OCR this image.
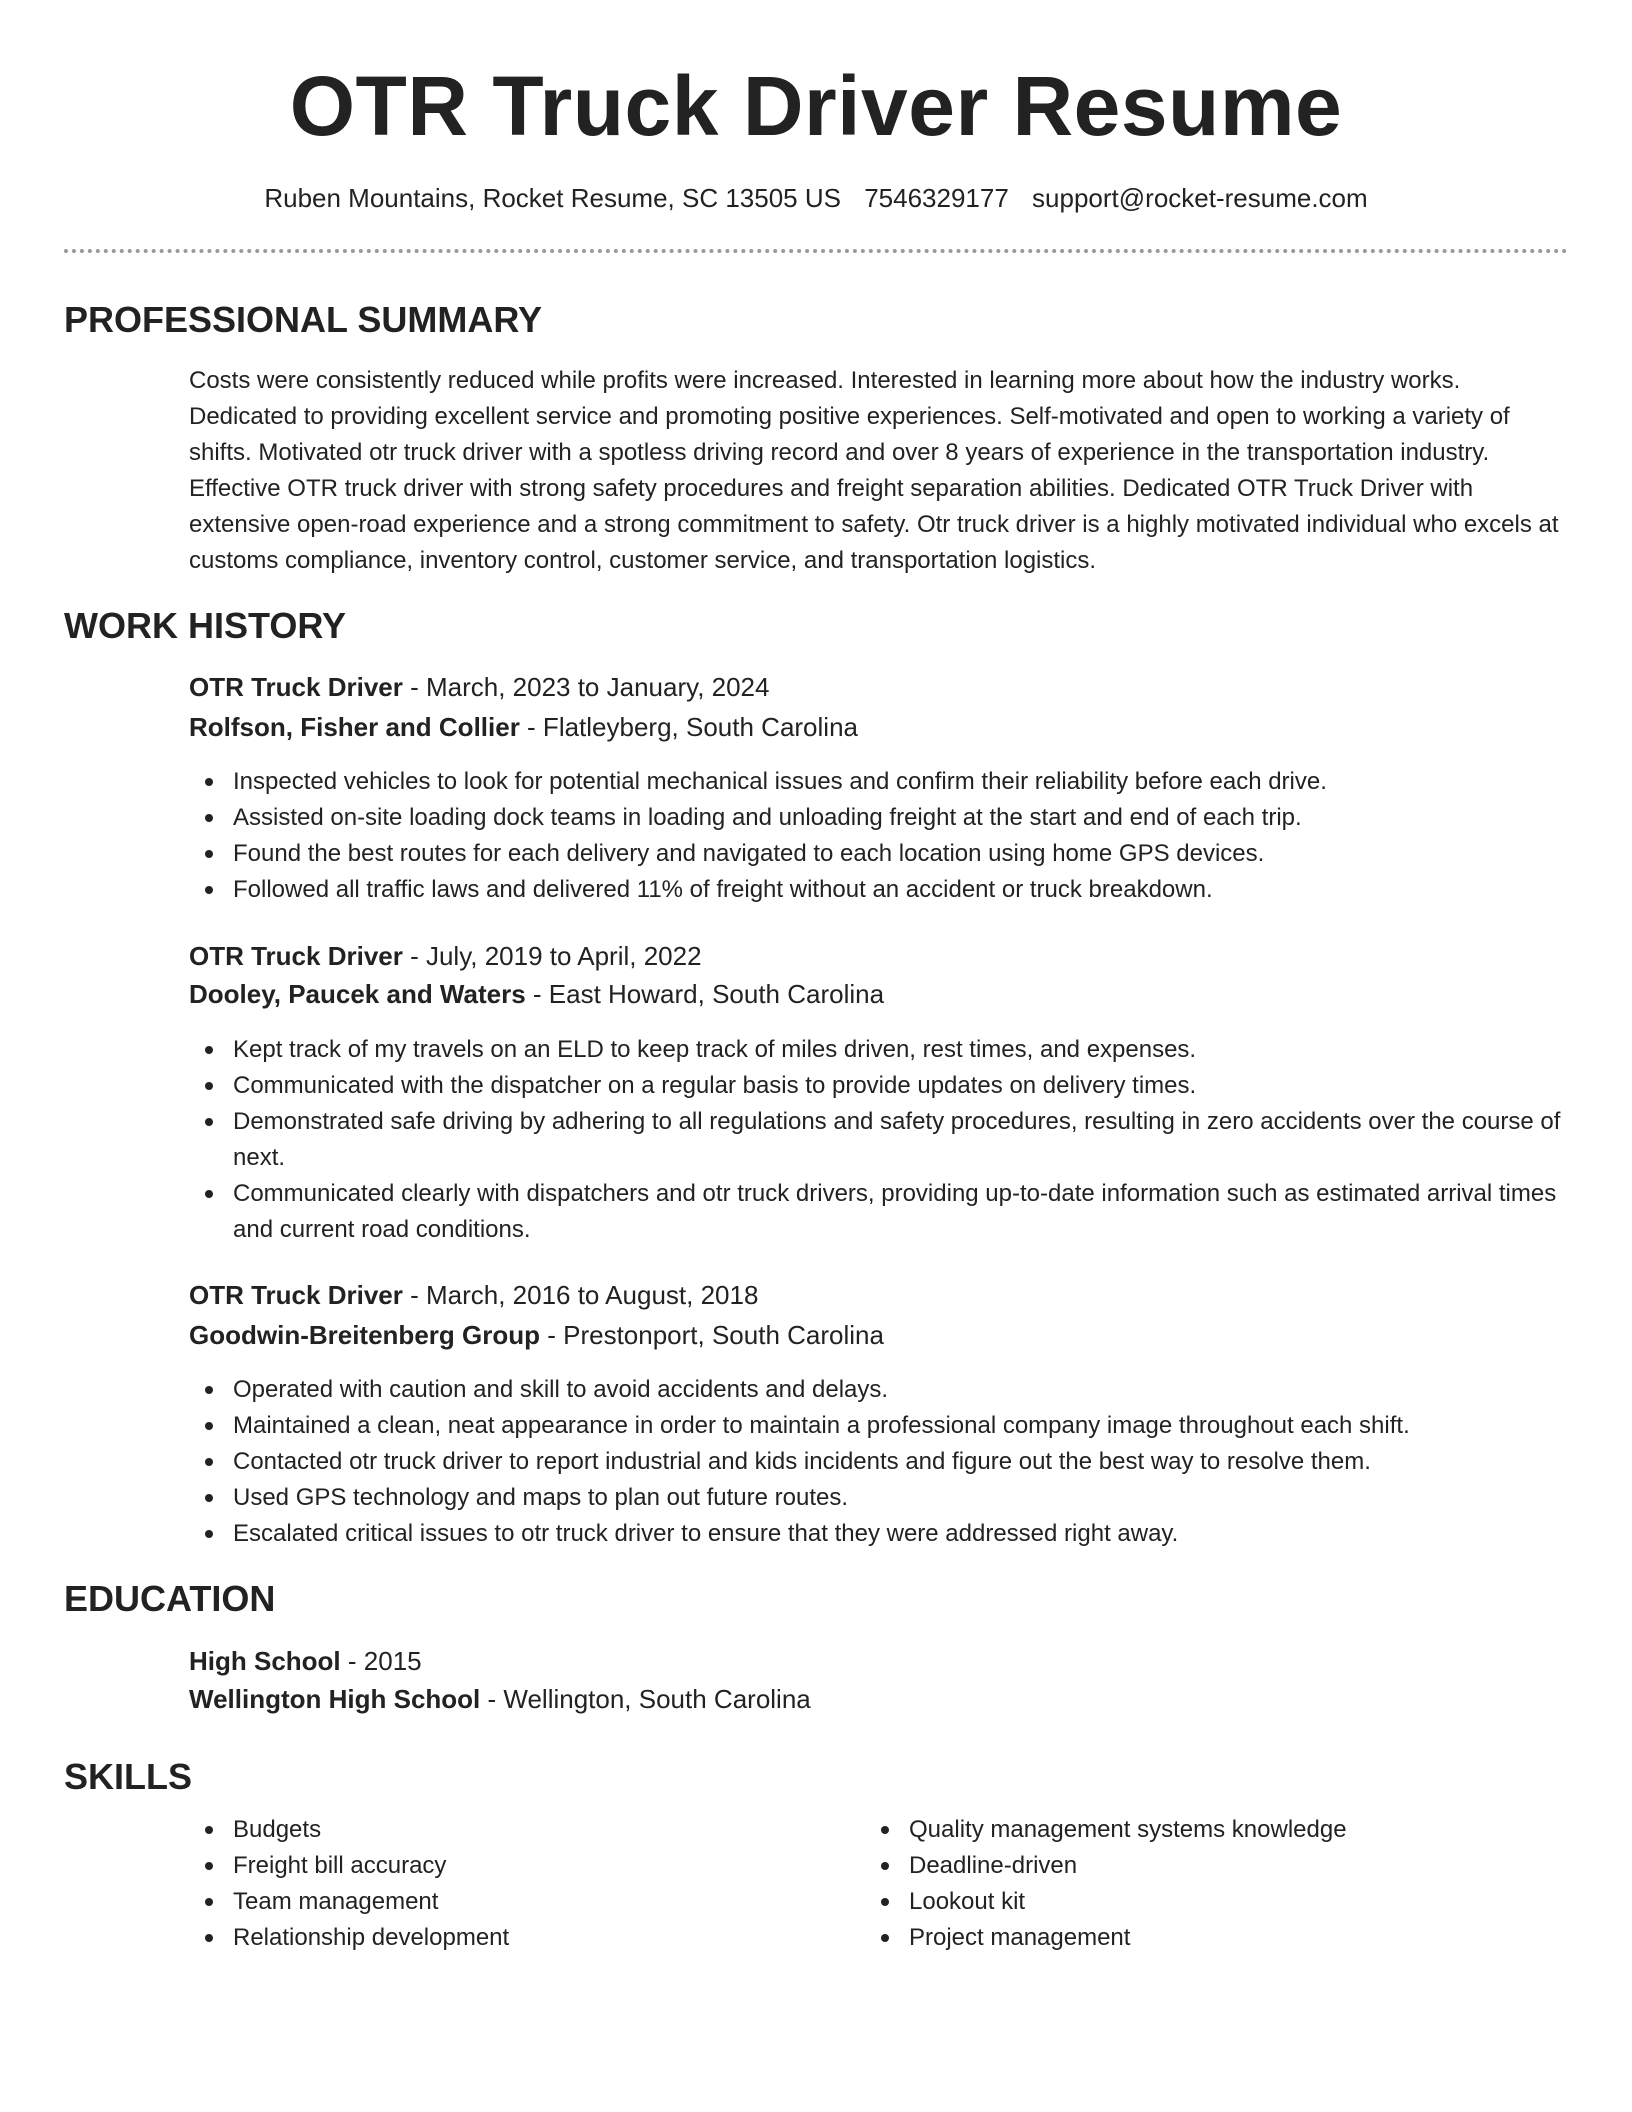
OTR Truck Driver Resume
Ruben Mountains, Rocket Resume, SC 13505 US 7546329177 support@rocket-resume.com
PROFESSIONAL SUMMARY

Costs were consistently reduced while profits were increased. Interested in learning more about how the industry works. Dedicated to providing excellent service and promoting positive experiences. Self-motivated and open to working a variety of shifts. Motivated otr truck driver with a spotless driving record and over 8 years of experience in the transportation industry. Effective OTR truck driver with strong safety procedures and freight separation abilities. Dedicated OTR Truck Driver with extensive open-road experience and a strong commitment to safety. Otr truck driver is a highly motivated individual who excels at customs compliance, inventory control, customer service, and transportation logistics.

WORK HISTORY
OTR Truck Driver - March, 2023 to January, 2024
Rolfson, Fisher and Collier - Flatleyberg, South Carolina
Inspected vehicles to look for potential mechanical issues and confirm their reliability before each drive.
Assisted on-site loading dock teams in loading and unloading freight at the start and end of each trip.
Found the best routes for each delivery and navigated to each location using home GPS devices.
Followed all traffic laws and delivered 11% of freight without an accident or truck breakdown.
OTR Truck Driver - July, 2019 to April, 2022
Dooley, Paucek and Waters - East Howard, South Carolina
Kept track of my travels on an ELD to keep track of miles driven, rest times, and expenses.
Communicated with the dispatcher on a regular basis to provide updates on delivery times.
Demonstrated safe driving by adhering to all regulations and safety procedures, resulting in zero accidents over the course of next.
Communicated clearly with dispatchers and otr truck drivers, providing up-to-date information such as estimated arrival times and current road conditions.
OTR Truck Driver - March, 2016 to August, 2018
Goodwin-Breitenberg Group - Prestonport, South Carolina
Operated with caution and skill to avoid accidents and delays.
Maintained a clean, neat appearance in order to maintain a professional company image throughout each shift.
Contacted otr truck driver to report industrial and kids incidents and figure out the best way to resolve them.
Used GPS technology and maps to plan out future routes.
Escalated critical issues to otr truck driver to ensure that they were addressed right away.
EDUCATION
High School - 2015
Wellington High School - Wellington, South Carolina
SKILLS
Budgets
Freight bill accuracy
Team management
Relationship development
Quality management systems knowledge
Deadline-driven
Lookout kit
Project management
